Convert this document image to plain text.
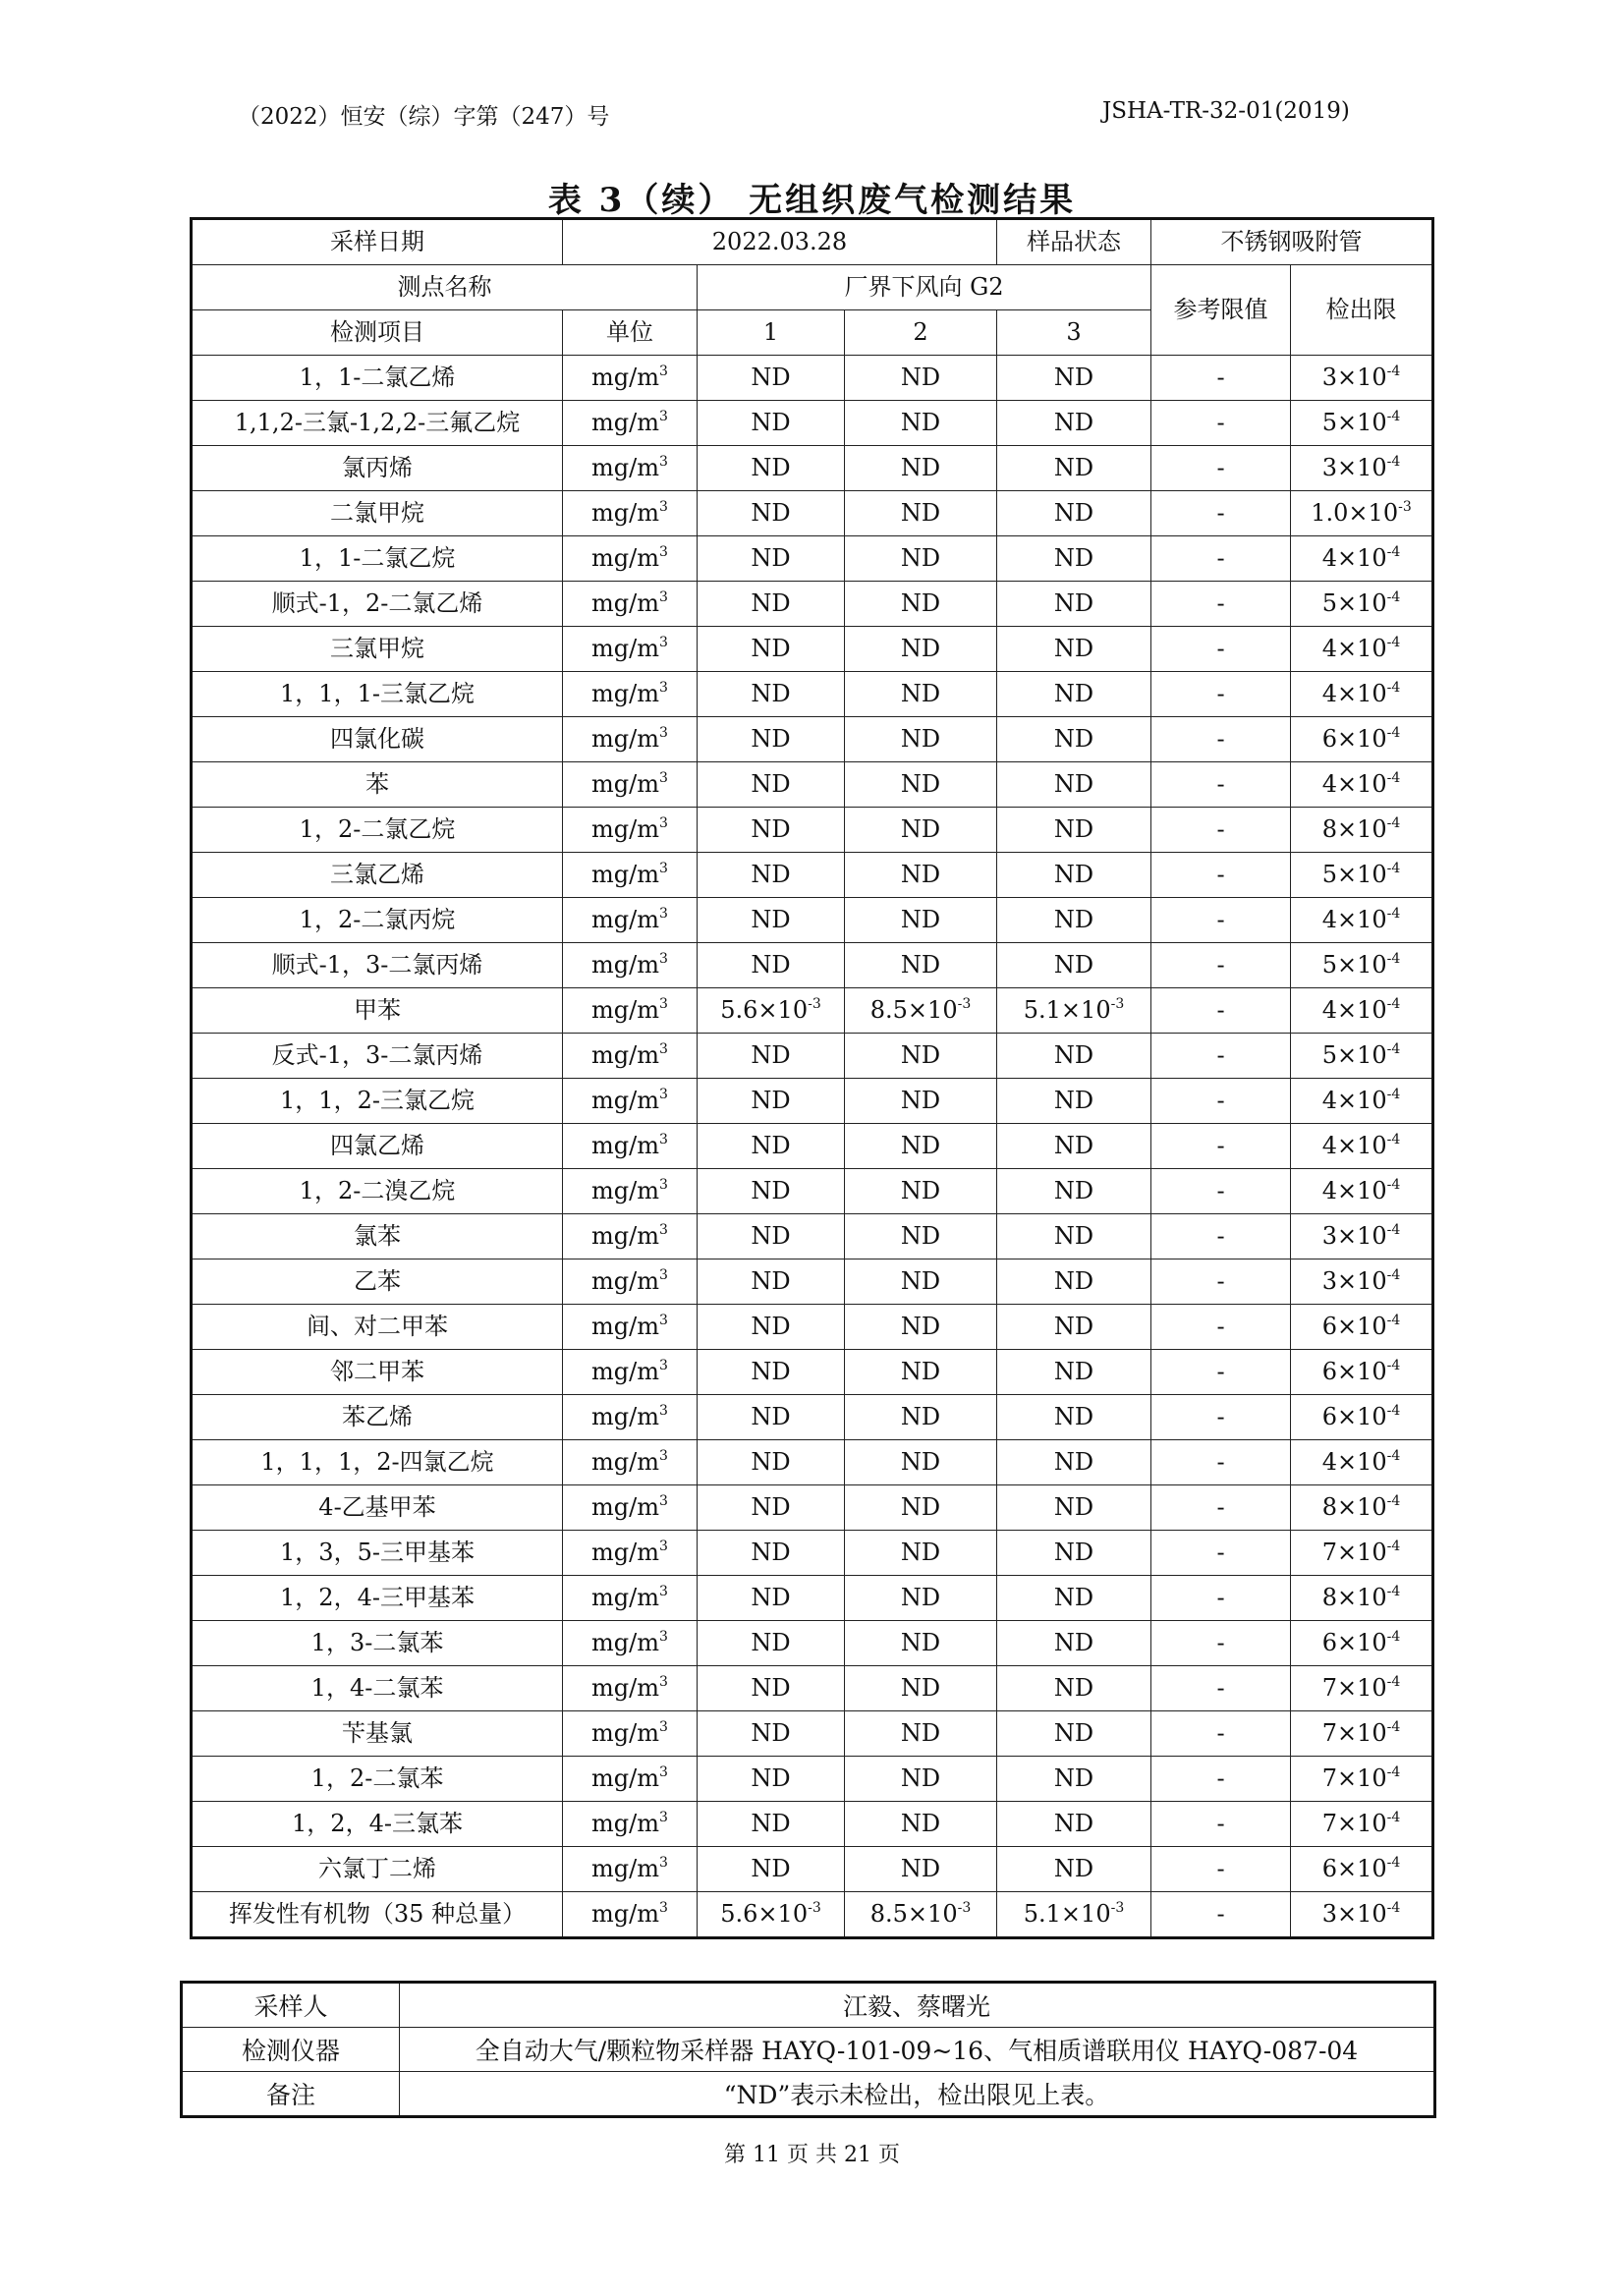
（2022）恒安（综）字第（247）号	JSHA-TR-32-01(2019)
表 3（续） 无组织废气检测结果
采样日期	2022.03.28			样品状态	不锈钢吸附管	
测点名称		厂界下风向 G2			参考限值	检出限
检测项目	单位	1	2	3		
1，1-二氯乙烯	$mg/m^3$	ND	ND	ND	-	$3\times 10^{-4}$
1,1,2-三氯-1,2,2-三氟乙烷	$mg/m^3$	ND	ND	ND	-	$5\times 10^{-4}$
氯丙烯	$mg/m^3$	ND	ND	ND	-	$3\times 10^{-4}$
二氯甲烷	$mg/m^3$	ND	ND	ND	-	$1.0\times 10^{-3}$
1，1-二氯乙烷	$mg/m^3$	ND	ND	ND	-	$4\times 10^{-4}$
顺式-1，2-二氯乙烯	$mg/m^3$	ND	ND	ND	-	$5\times 10^{-4}$
三氯甲烷	$mg/m^3$	ND	ND	ND	-	$4\times 10^{-4}$
1，1，1-三氯乙烷	$mg/m^3$	ND	ND	ND	-	$4\times 10^{-4}$
四氯化碳	$mg/m^3$	ND	ND	ND	-	$6\times 10^{-4}$
苯	$mg/m^3$	ND	ND	ND	-	$4\times 10^{-4}$
1，2-二氯乙烷	$mg/m^3$	ND	ND	ND	-	$8\times 10^{-4}$
三氯乙烯	$mg/m^3$	ND	ND	ND	-	$5\times 10^{-4}$
1，2-二氯丙烷	$mg/m^3$	ND	ND	ND	-	$4\times 10^{-4}$
顺式-1，3-二氯丙烯	$mg/m^3$	ND	ND	ND	-	$5\times 10^{-4}$
甲苯	$mg/m^3$	$5.6\times 10^{-3}$	$8.5\times 10^{-3}$	$5.1\times 10^{-3}$	-	$4\times 10^{-4}$
反式-1，3-二氯丙烯	$mg/m^3$	ND	ND	ND	-	$5\times 10^{-4}$
1，1，2-三氯乙烷	$mg/m^3$	ND	ND	ND	-	$4\times 10^{-4}$
四氯乙烯	$mg/m^3$	ND	ND	ND	-	$4\times 10^{-4}$
1，2-二溴乙烷	$mg/m^3$	ND	ND	ND	-	$4\times 10^{-4}$
氯苯	$mg/m^3$	ND	ND	ND	-	$3\times 10^{-4}$
乙苯	$mg/m^3$	ND	ND	ND	-	$3\times 10^{-4}$
间、对二甲苯	$mg/m^3$	ND	ND	ND	-	$6\times 10^{-4}$
邻二甲苯	$mg/m^3$	ND	ND	ND	-	$6\times 10^{-4}$
苯乙烯	$mg/m^3$	ND	ND	ND	-	$6\times 10^{-4}$
1，1，1，2-四氯乙烷	$mg/m^3$	ND	ND	ND	-	$4\times 10^{-4}$
4-乙基甲苯	$mg/m^3$	ND	ND	ND	-	$8\times 10^{-4}$
1，3，5-三甲基苯	$mg/m^3$	ND	ND	ND	-	$7\times 10^{-4}$
1，2，4-三甲基苯	$mg/m^3$	ND	ND	ND	-	$8\times 10^{-4}$
1，3-二氯苯	$mg/m^3$	ND	ND	ND	-	$6\times 10^{-4}$
1，4-二氯苯	$mg/m^3$	ND	ND	ND	-	$7\times 10^{-4}$
苄基氯	$mg/m^3$	ND	ND	ND	-	$7\times 10^{-4}$
1，2-二氯苯	$mg/m^3$	ND	ND	ND	-	$7\times 10^{-4}$
1，2，4-三氯苯	$mg/m^3$	ND	ND	ND	-	$7\times 10^{-4}$
六氯丁二烯	$mg/m^3$	ND	ND	ND	-	$6\times 10^{-4}$
挥发性有机物（35 种总量）	$mg/m^3$	$5.6\times 10^{-3}$	$8.5\times 10^{-3}$	$5.1\times 10^{-3}$	-	$3\times 10^{-4}$
采样人	江毅、蔡曙光
检测仪器	全自动大气/颗粒物采样器 HAYQ-101-09~16、气相质谱联用仪 HAYQ-087-04
备注	“ND”表示未检出，检出限见上表。
第 11 页 共 21 页
